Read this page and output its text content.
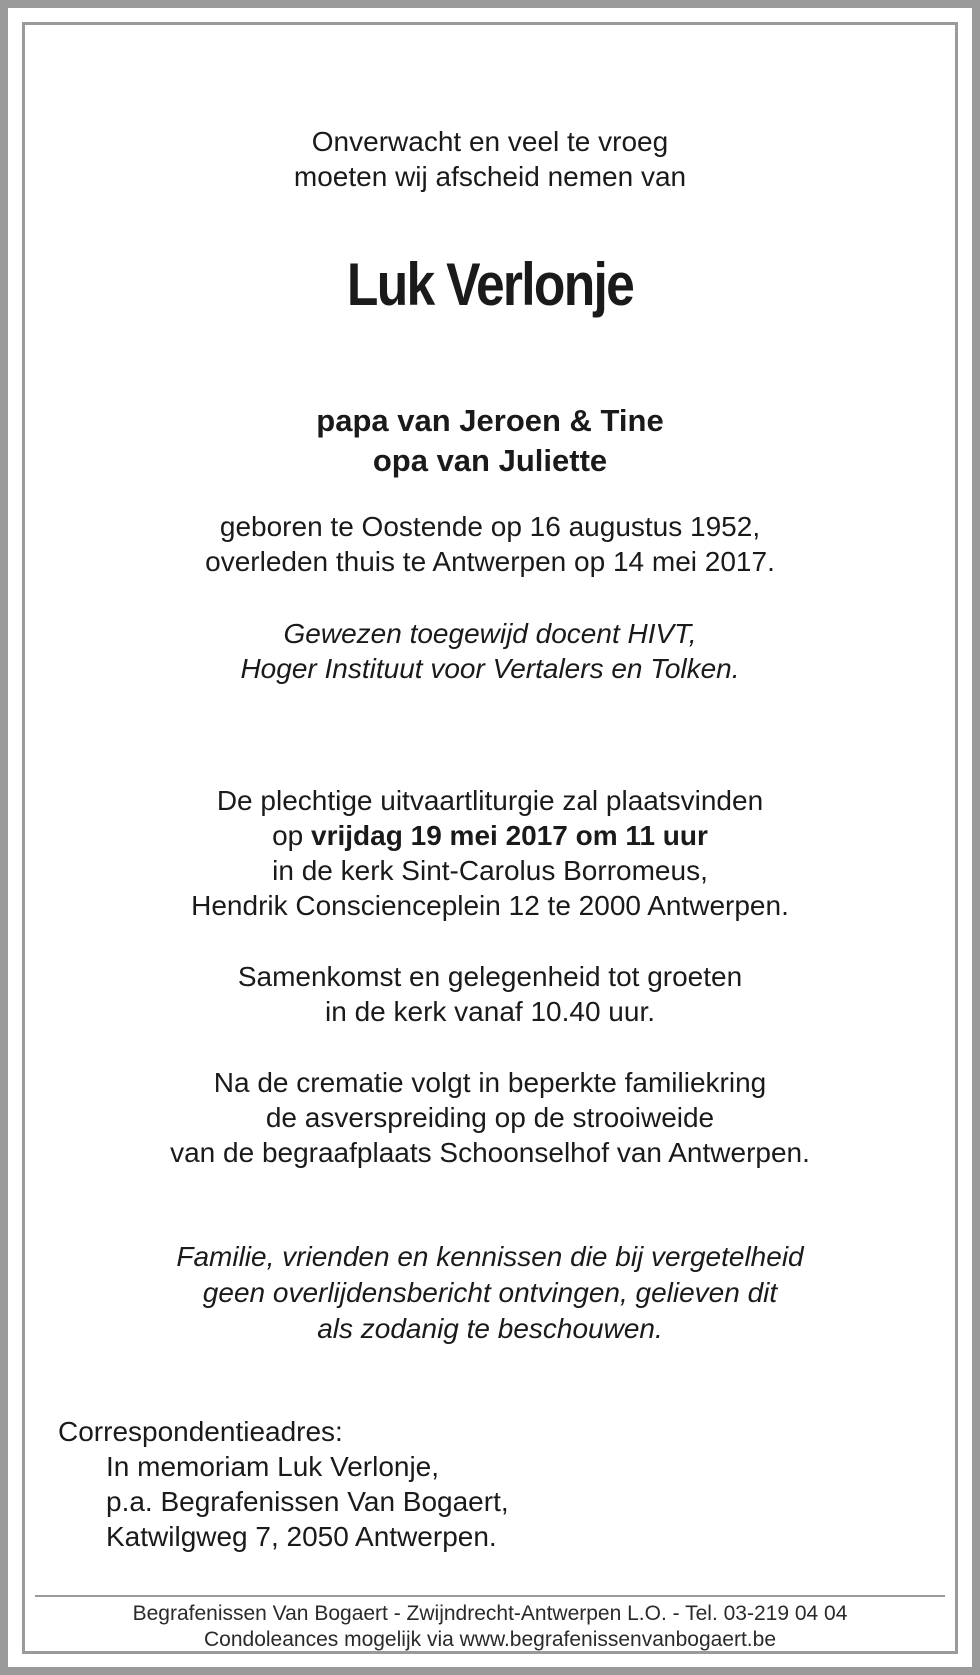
Onverwacht en veel te vroeg
moeten wij afscheid nemen van
Luk Verlonje
papa van Jeroen & Tine
opa van Juliette
geboren te Oostende op 16 augustus 1952,
overleden thuis te Antwerpen op 14 mei 2017.
Gewezen toegewijd docent HIVT,
Hoger Instituut voor Vertalers en Tolken.
De plechtige uitvaartliturgie zal plaatsvinden
op vrijdag 19 mei 2017 om 11 uur
in de kerk Sint-Carolus Borromeus,
Hendrik Conscienceplein 12 te 2000 Antwerpen.
Samenkomst en gelegenheid tot groeten
in de kerk vanaf 10.40 uur.
Na de crematie volgt in beperkte familiekring
de asverspreiding op de strooiweide
van de begraafplaats Schoonselhof van Antwerpen.
Familie, vrienden en kennissen die bij vergetelheid
geen overlijdensbericht ontvingen, gelieven dit
als zodanig te beschouwen.
Correspondentieadres:
In memoriam Luk Verlonje,
p.a. Begrafenissen Van Bogaert,
Katwilgweg 7, 2050 Antwerpen.
Begrafenissen Van Bogaert - Zwijndrecht-Antwerpen L.O. - Tel. 03-219 04 04
Condoleances mogelijk via www.begrafenissenvanbogaert.be
